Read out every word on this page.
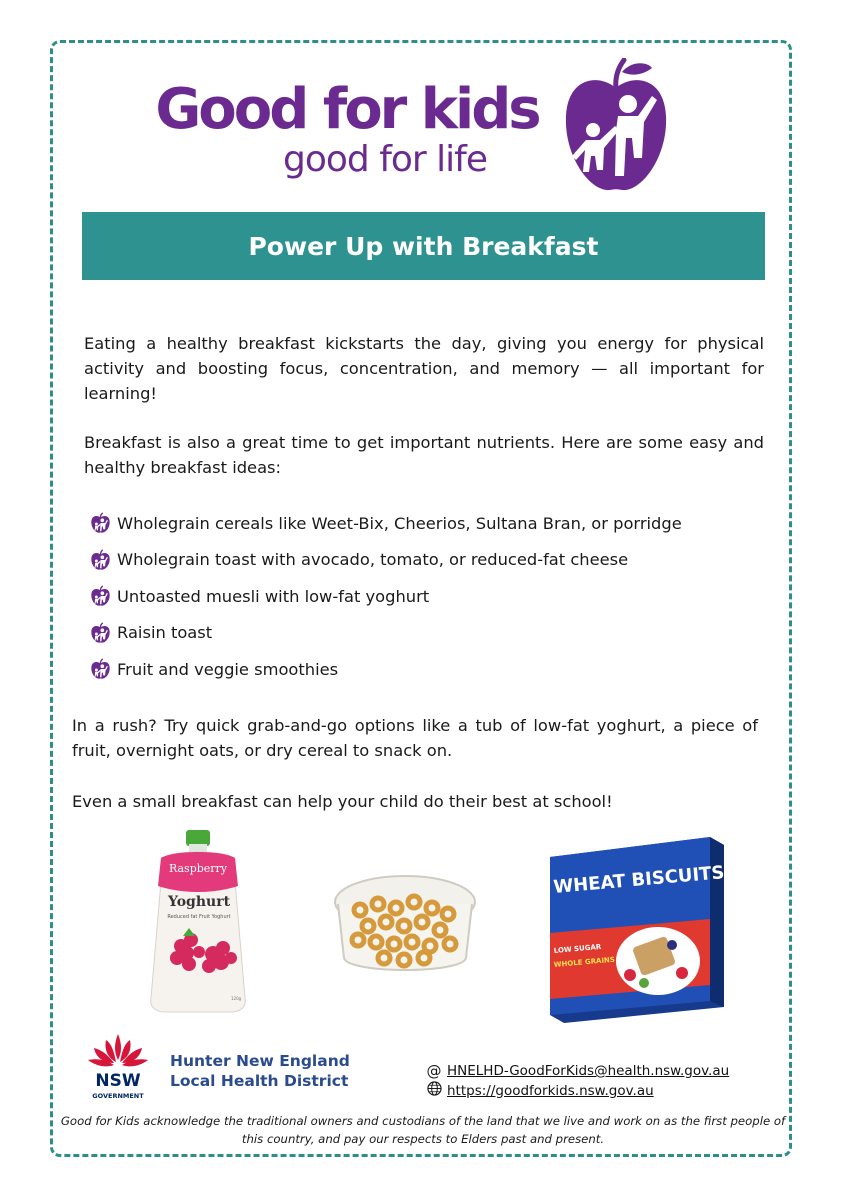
Good for kids
good for life
Power Up with Breakfast

Eating a healthy breakfast kickstarts the day, giving you energy for physical activity and boosting focus, concentration, and memory — all important for learning!

Breakfast is also a great time to get important nutrients. Here are some easy and healthy breakfast ideas:

Wholegrain cereals like Weet-Bix, Cheerios, Sultana Bran, or porridge
Wholegrain toast with avocado, tomato, or reduced-fat cheese
Untoasted muesli with low-fat yoghurt
Raisin toast
Fruit and veggie smoothies

In a rush? Try quick grab-and-go options like a tub of low-fat yoghurt, a piece of fruit, overnight oats, or dry cereal to snack on.

Even a small breakfast can help your child do their best at school!

Raspberry
Yoghurt
Reduced fat Fruit Yoghurt
120g
WHEAT BISCUITS
LOW SUGAR
WHOLE GRAINS
NSW
GOVERNMENT
Hunter New England
Local Health District
@ HNELHD-GoodForKids@health.nsw.gov.au
https://goodforkids.nsw.gov.au
Good for Kids acknowledge the traditional owners and custodians of the land that we live and work on as the first people of this country, and pay our respects to Elders past and present.
